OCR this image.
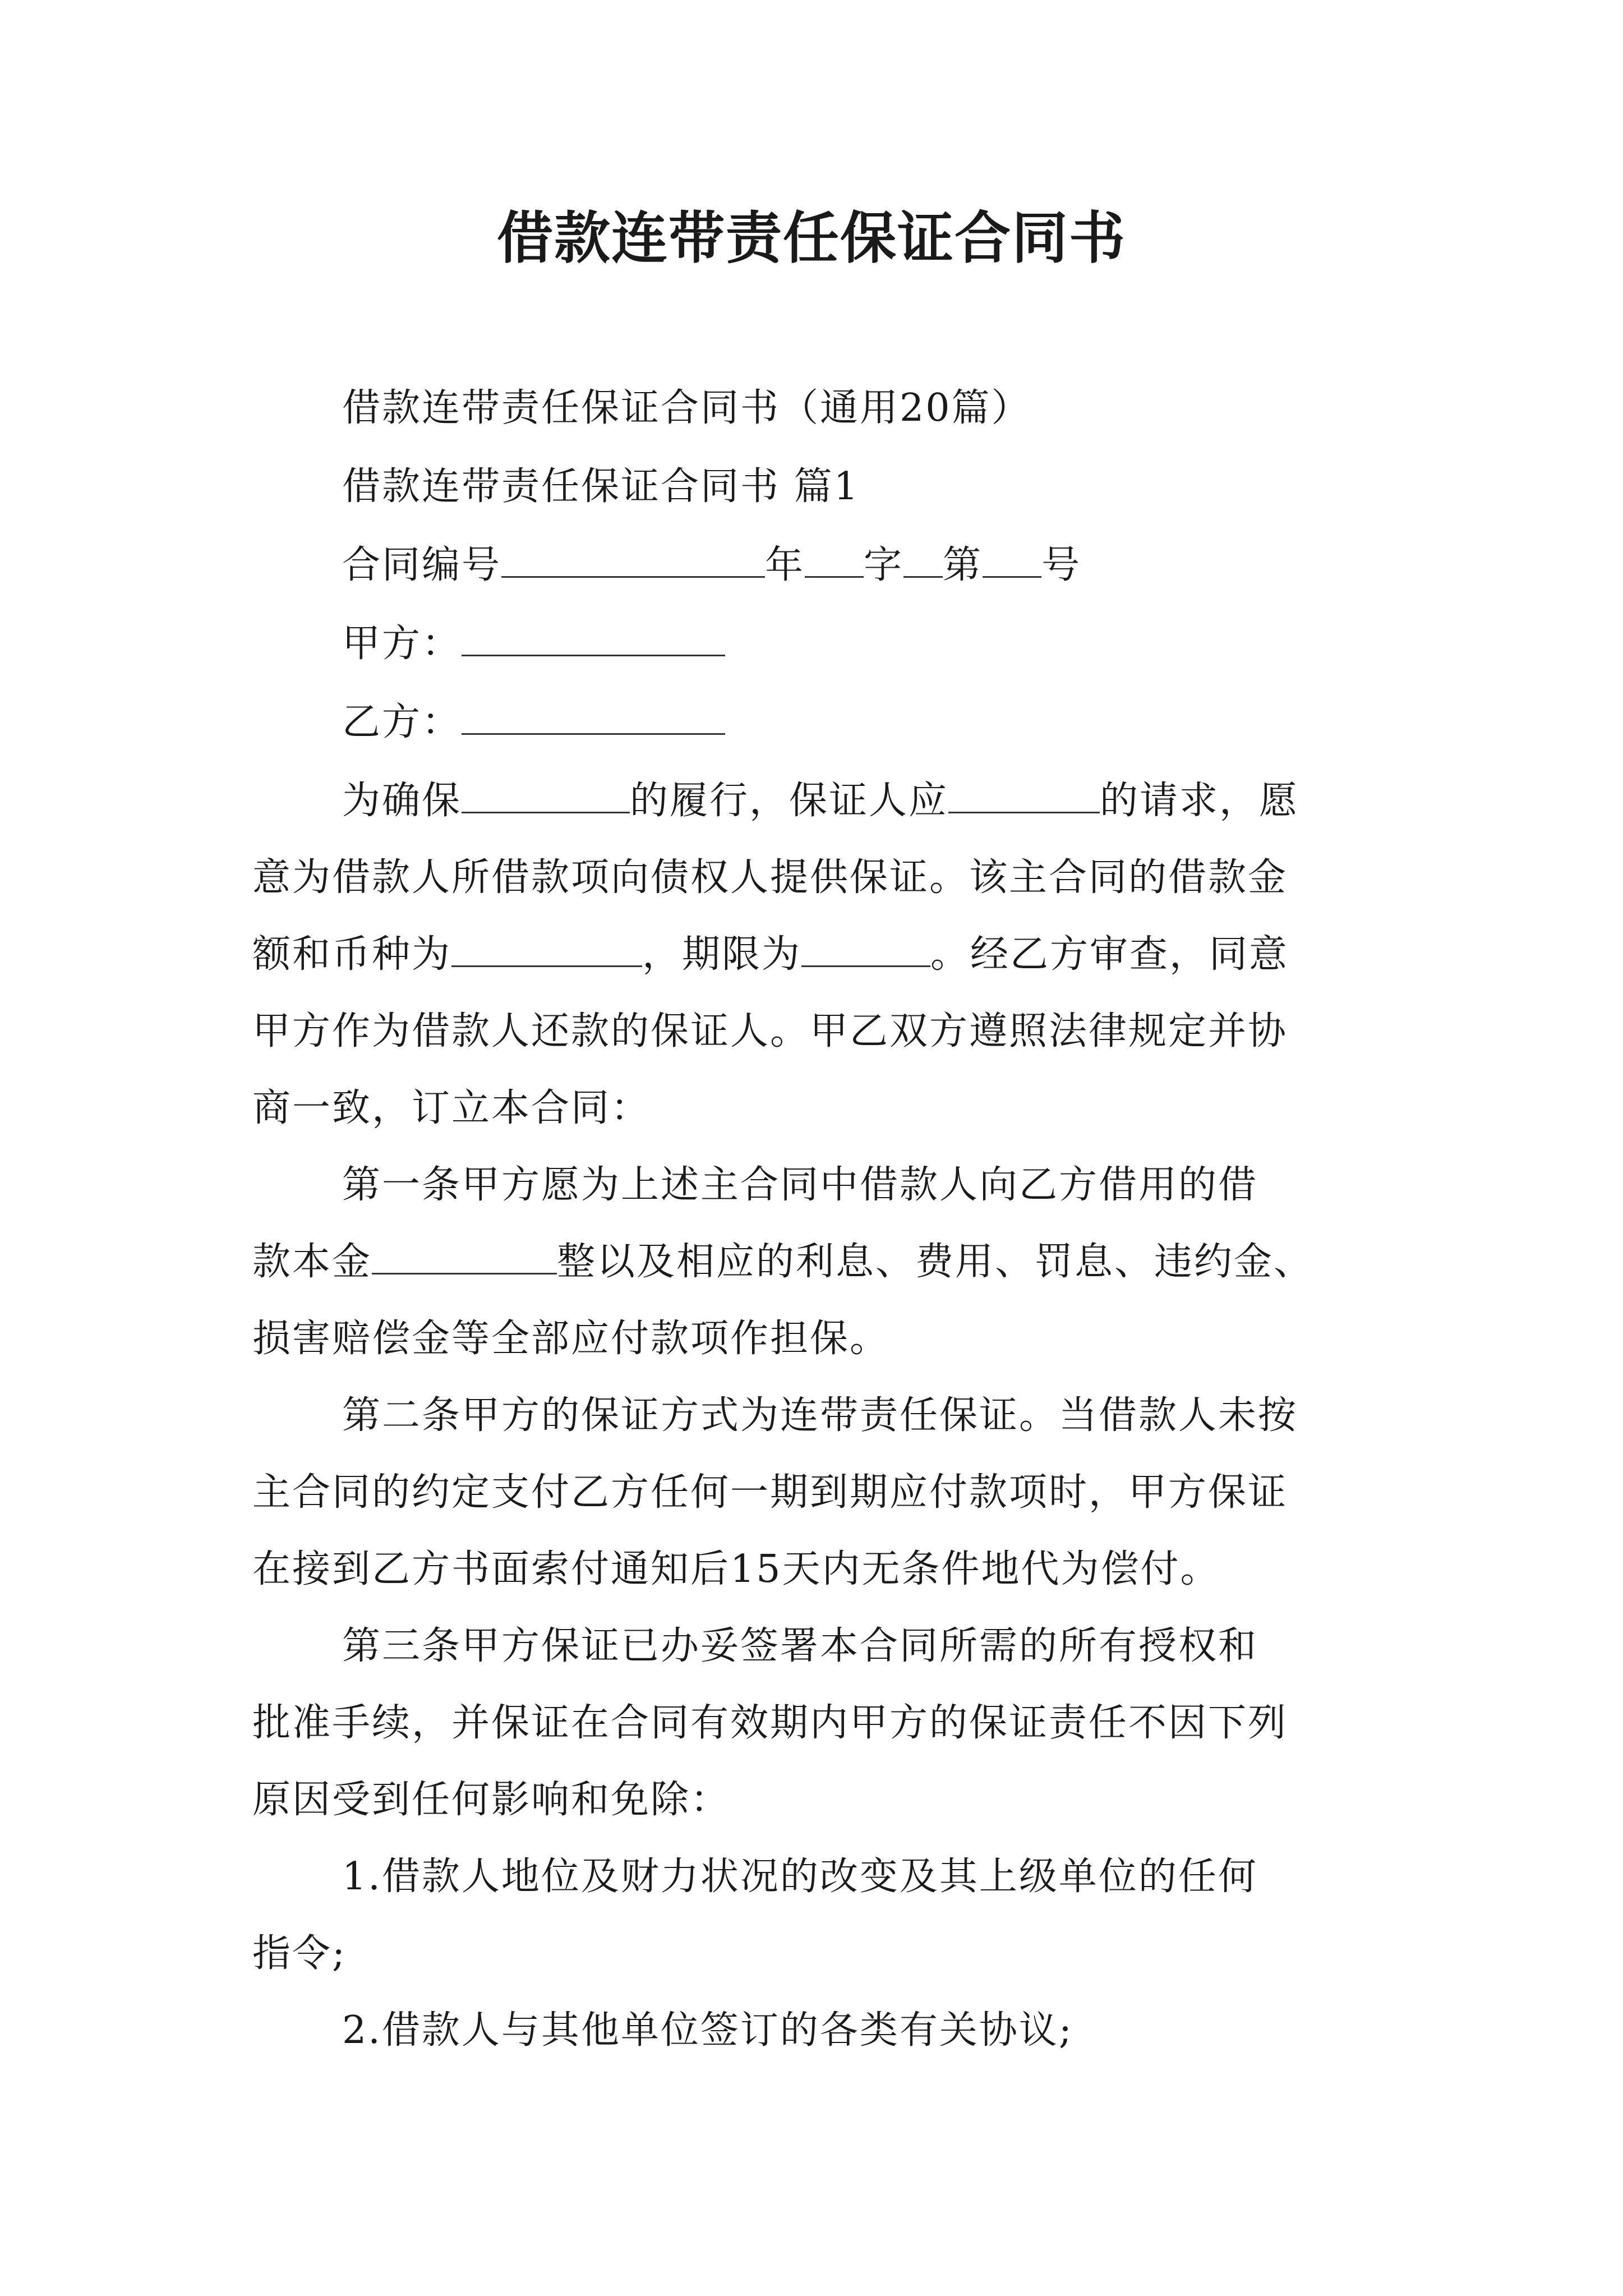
借款连带责任保证合同书
借款连带责任保证合同书（通用20篇）
借款连带责任保证合同书 篇1
合同编号	年 字 第 号
甲方：
乙方：
为确保	的履行，保证人应	的请求，愿
意为借款人所借款项向债权人提供保证。该主合同的借款金
额和币种为	，期限为	。经乙方审查，同意
甲方作为借款人还款的保证人。甲乙双方遵照法律规定并协
商一致，订立本合同：
第一条甲方愿为上述主合同中借款人向乙方借用的借
款本金	整以及相应的利息、费用、罚息、违约金、
损害赔偿金等全部应付款项作担保。
第二条甲方的保证方式为连带责任保证。当借款人未按
主合同的约定支付乙方任何一期到期应付款项时，甲方保证
在接到乙方书面索付通知后15天内无条件地代为偿付。
第三条甲方保证已办妥签署本合同所需的所有授权和
批准手续，并保证在合同有效期内甲方的保证责任不因下列
原因受到任何影响和免除：
1.借款人地位及财力状况的改变及其上级单位的任何
指令;
2.借款人与其他单位签订的各类有关协议;
